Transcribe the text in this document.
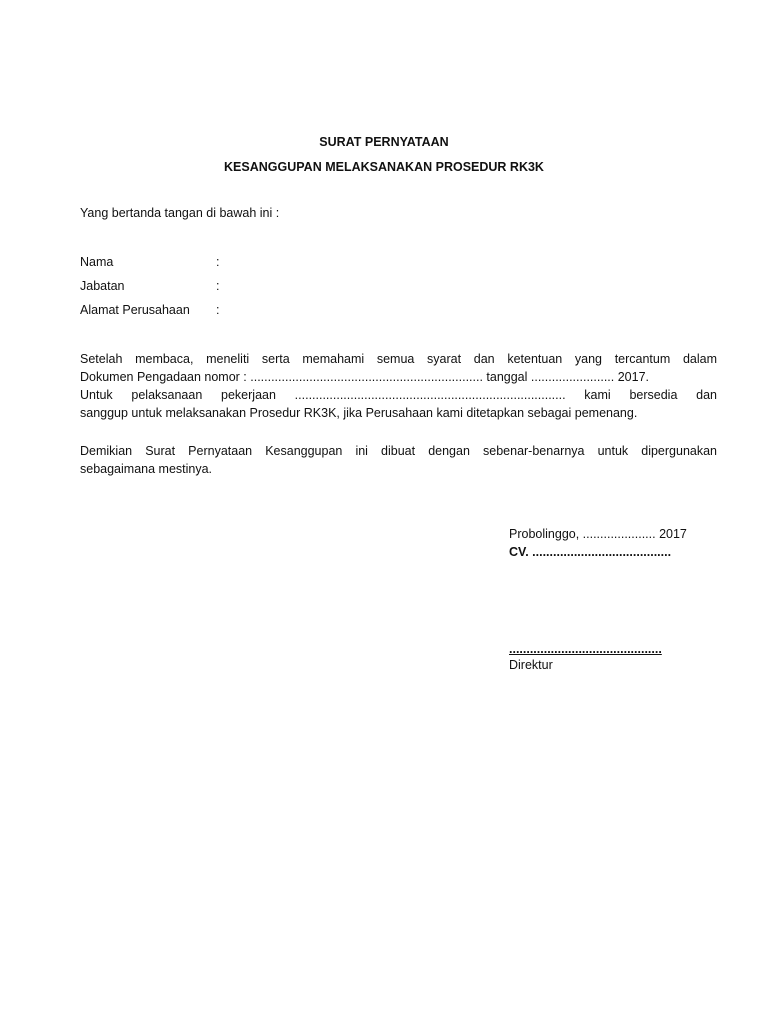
SURAT PERNYATAAN
KESANGGUPAN MELAKSANAKAN PROSEDUR RK3K
Yang bertanda tangan di bawah ini :
Nama	:
Jabatan	:
Alamat Perusahaan :
Setelah membaca, meneliti serta memahami semua syarat dan ketentuan yang tercantum dalam
Dokumen Pengadaan nomor : ................................................................... tanggal ........................ 2017.
Untuk pelaksanaan pekerjaan .............................................................................. kami bersedia dan
sanggup untuk melaksanakan Prosedur RK3K, jika Perusahaan kami ditetapkan sebagai pemenang.
Demikian Surat Pernyataan Kesanggupan ini dibuat dengan sebenar-benarnya untuk dipergunakan
sebagaimana mestinya.
Probolinggo, ..................... 2017
CV. ........................................
............................................
Direktur
